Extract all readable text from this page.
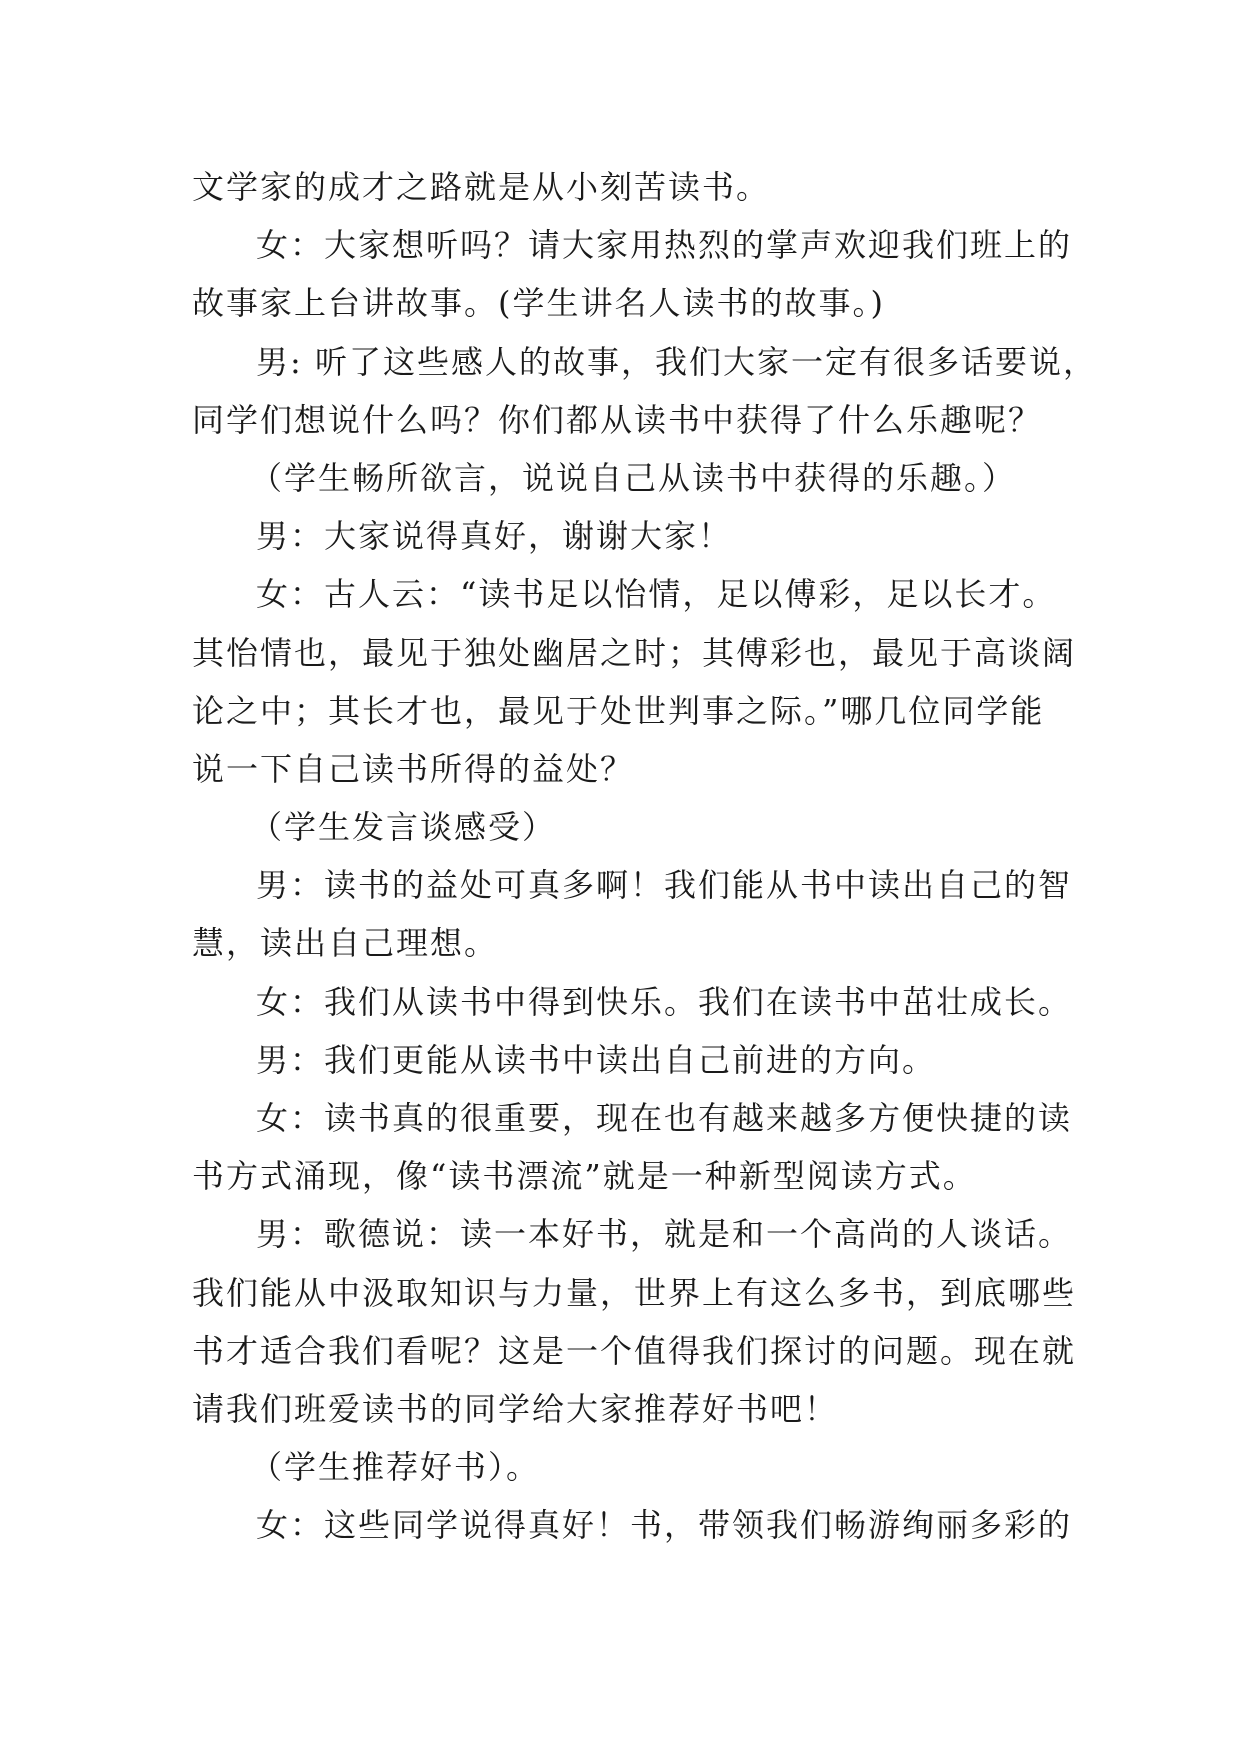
文学家的成才之路就是从小刻苦读书。
女：大家想听吗？请大家用热烈的掌声欢迎我们班上的
故事家上台讲故事。(学生讲名人读书的故事。)
男: 听了这些感人的故事，我们大家一定有很多话要说，
同学们想说什么吗？你们都从读书中获得了什么乐趣呢？
（学生畅所欲言，说说自己从读书中获得的乐趣。）
男：大家说得真好，谢谢大家！
女：古人云：“读书足以怡情，足以傅彩，足以长才。
其怡情也，最见于独处幽居之时；其傅彩也，最见于高谈阔
论之中；其长才也，最见于处世判事之际。”哪几位同学能
说一下自己读书所得的益处？
（学生发言谈感受）
男：读书的益处可真多啊！我们能从书中读出自己的智
慧，读出自己理想。
女：我们从读书中得到快乐。我们在读书中茁壮成长。
男：我们更能从读书中读出自己前进的方向。
女：读书真的很重要，现在也有越来越多方便快捷的读
书方式涌现，像“读书漂流”就是一种新型阅读方式。
男：歌德说：读一本好书，就是和一个高尚的人谈话。
我们能从中汲取知识与力量，世界上有这么多书，到底哪些
书才适合我们看呢？这是一个值得我们探讨的问题。现在就
请我们班爱读书的同学给大家推荐好书吧！
（学生推荐好书）。
女：这些同学说得真好！书，带领我们畅游绚丽多彩的
